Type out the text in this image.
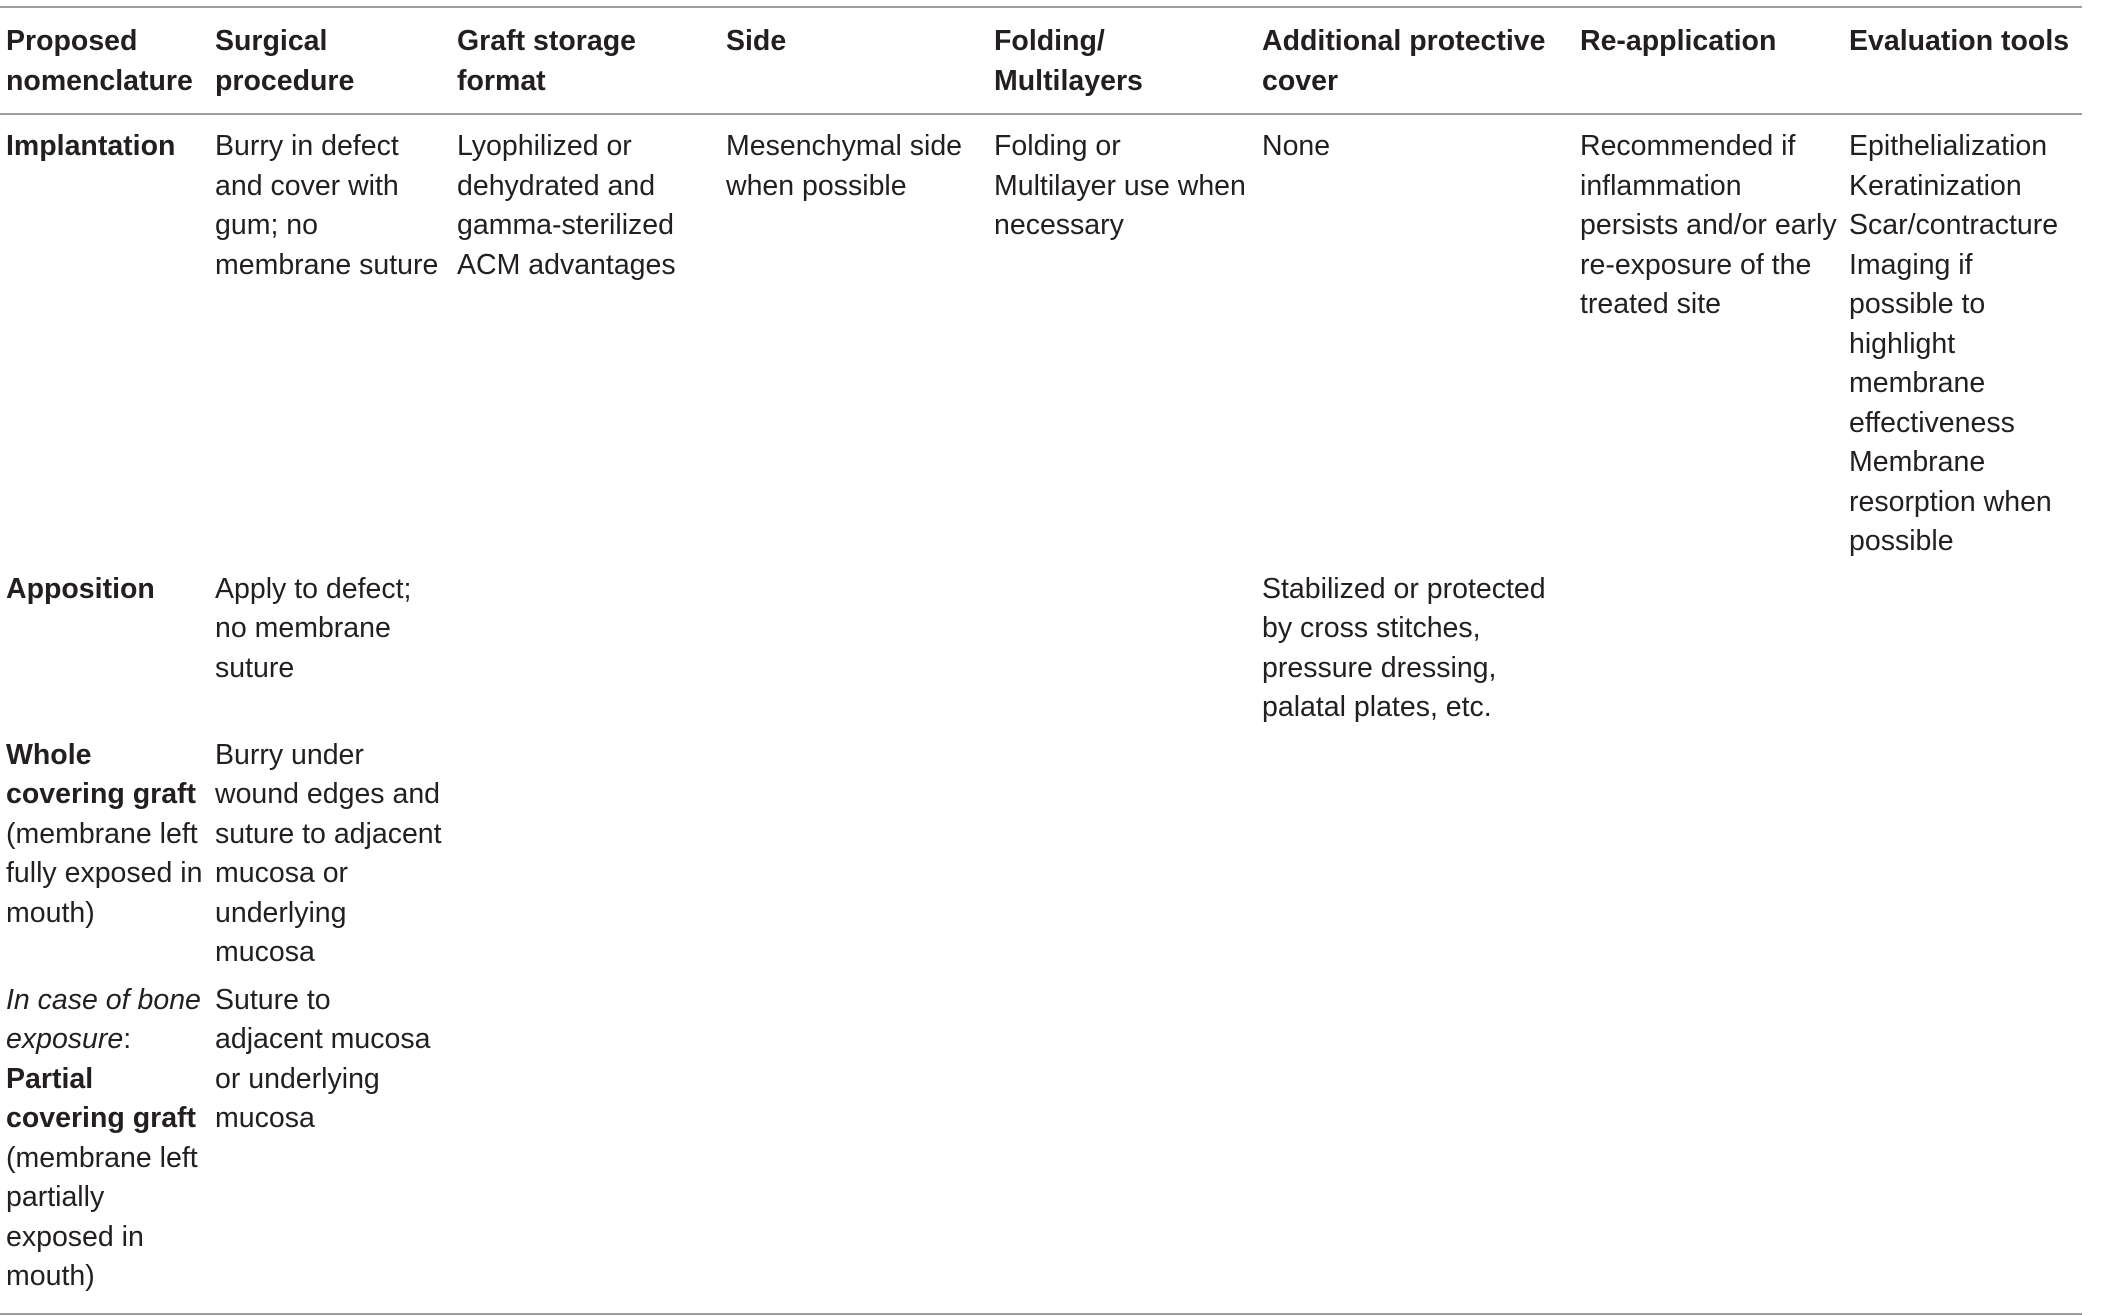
Proposed nomenclature	Surgical procedure	Graft storage format	Side	Folding/ Multilayers	Additional protective cover	Re-application	Evaluation tools
Implantation	Burry in defect and cover with gum; no membrane suture	Lyophilized or dehydrated and gamma-sterilized ACM advantages	Mesenchymal side when possible	Folding or Multilayer use when necessary	None	Recommended if inflammation persists and/or early re-exposure of the treated site	Epithelialization
Keratinization
Scar/contracture
Imaging if possible to highlight membrane effectiveness
Membrane resorption when possible

Apposition	Apply to defect; no membrane suture				Stabilized or protected by cross stitches, pressure dressing, palatal plates, etc.		
Whole covering graft (membrane left fully exposed in mouth)	Burry under wound edges and suture to adjacent mucosa or underlying mucosa						
In case of bone exposure: Partial covering graft (membrane left partially exposed in mouth)	Suture to adjacent mucosa or underlying mucosa						
